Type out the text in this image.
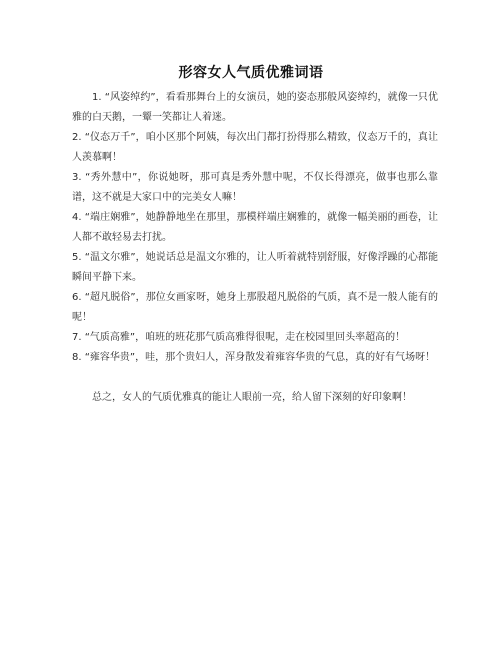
形容女人气质优雅词语

1. “风姿绰约”，看看那舞台上的女演员，她的姿态那般风姿绰约，就像一只优雅的白天鹅，一颦一笑都让人着迷。

2. “仪态万千”，咱小区那个阿姨，每次出门都打扮得那么精致，仪态万千的，真让人羡慕啊！

3. “秀外慧中”，你说她呀，那可真是秀外慧中呢，不仅长得漂亮，做事也那么靠谱，这不就是大家口中的完美女人嘛！

4. “端庄娴雅”，她静静地坐在那里，那模样端庄娴雅的，就像一幅美丽的画卷，让人都不敢轻易去打扰。

5. “温文尔雅”，她说话总是温文尔雅的，让人听着就特别舒服，好像浮躁的心都能瞬间平静下来。

6. “超凡脱俗”，那位女画家呀，她身上那股超凡脱俗的气质，真不是一般人能有的呢！

7. “气质高雅”，咱班的班花那气质高雅得很呢，走在校园里回头率超高的！

8. “雍容华贵”，哇，那个贵妇人，浑身散发着雍容华贵的气息，真的好有气场呀！

总之，女人的气质优雅真的能让人眼前一亮，给人留下深刻的好印象啊！
